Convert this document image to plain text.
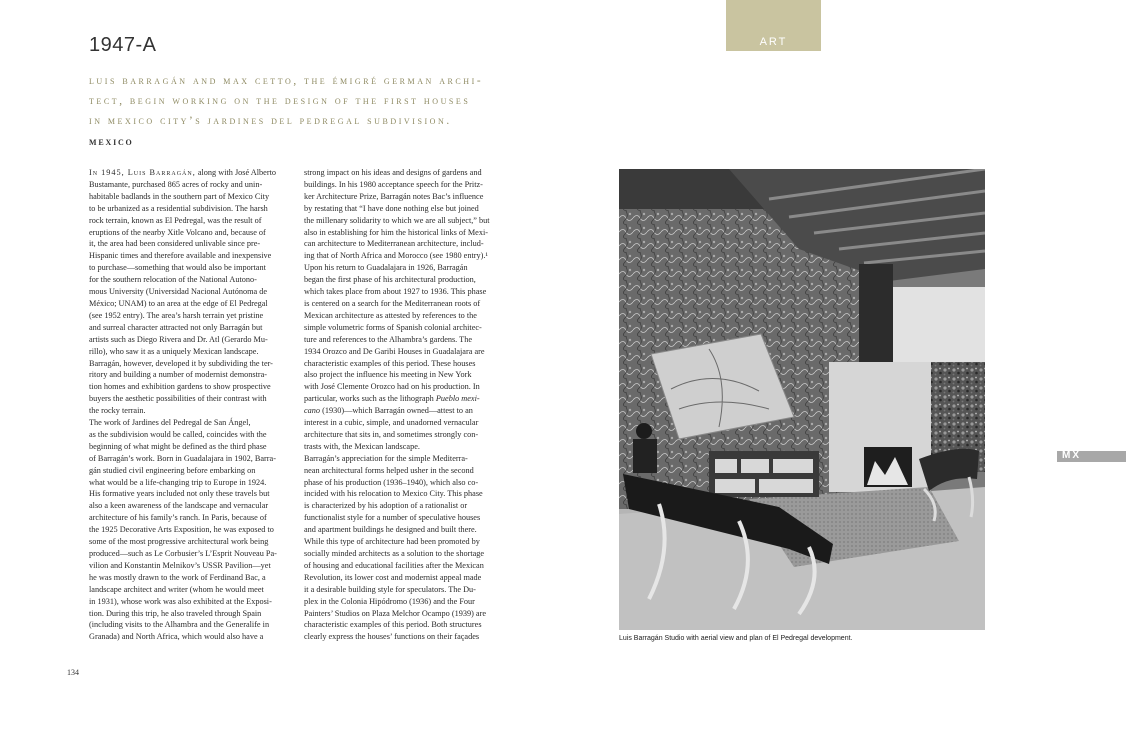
ART
MX
1947-A
luis barragán and max cetto, the émigré german archi-
tect, begin working on the design of the first houses
in mexico city’s jardines del pedregal subdivision.
MEXICO
In 1945, Luis Barragán, along with José Alberto
Bustamante, purchased 865 acres of rocky and unin-
habitable badlands in the southern part of Mexico City
to be urbanized as a residential subdivision. The harsh
rock terrain, known as El Pedregal, was the result of
eruptions of the nearby Xitle Volcano and, because of
it, the area had been considered unlivable since pre-
Hispanic times and therefore available and inexpensive
to purchase—something that would also be important
for the southern relocation of the National Autono-
mous University (Universidad Nacional Autónoma de
México; UNAM) to an area at the edge of El Pedregal
(see 1952 entry). The area’s harsh terrain yet pristine
and surreal character attracted not only Barragán but
artists such as Diego Rivera and Dr. Atl (Gerardo Mu-
rillo), who saw it as a uniquely Mexican landscape.
Barragán, however, developed it by subdividing the ter-
ritory and building a number of modernist demonstra-
tion homes and exhibition gardens to show prospective
buyers the aesthetic possibilities of their contrast with
the rocky terrain.
The work of Jardines del Pedregal de San Ángel,
as the subdivision would be called, coincides with the
beginning of what might be defined as the third phase
of Barragán’s work. Born in Guadalajara in 1902, Barra-
gán studied civil engineering before embarking on
what would be a life-changing trip to Europe in 1924.
His formative years included not only these travels but
also a keen awareness of the landscape and vernacular
architecture of his family’s ranch. In Paris, because of
the 1925 Decorative Arts Exposition, he was exposed to
some of the most progressive architectural work being
produced—such as Le Corbusier’s L’Esprit Nouveau Pa-
vilion and Konstantin Melnikov’s USSR Pavilion—yet
he was mostly drawn to the work of Ferdinand Bac, a
landscape architect and writer (whom he would meet
in 1931), whose work was also exhibited at the Exposi-
tion. During this trip, he also traveled through Spain
(including visits to the Alhambra and the Generalife in
Granada) and North Africa, which would also have a
strong impact on his ideas and designs of gardens and
buildings. In his 1980 acceptance speech for the Pritz-
ker Architecture Prize, Barragán notes Bac’s influence
by restating that “I have done nothing else but joined
the millenary solidarity to which we are all subject,” but
also in establishing for him the historical links of Mexi-
can architecture to Mediterranean architecture, includ-
ing that of North Africa and Morocco (see 1980 entry).¹
Upon his return to Guadalajara in 1926, Barragán
began the first phase of his architectural production,
which takes place from about 1927 to 1936. This phase
is centered on a search for the Mediterranean roots of
Mexican architecture as attested by references to the
simple volumetric forms of Spanish colonial architec-
ture and references to the Alhambra’s gardens. The
1934 Orozco and De Garibi Houses in Guadalajara are
characteristic examples of this period. These houses
also project the influence his meeting in New York
with José Clemente Orozco had on his production. In
particular, works such as the lithograph Pueblo mexi-
cano (1930)—which Barragán owned—attest to an
interest in a cubic, simple, and unadorned vernacular
architecture that sits in, and sometimes strongly con-
trasts with, the Mexican landscape.
Barragán’s appreciation for the simple Mediterra-
nean architectural forms helped usher in the second
phase of his production (1936–1940), which also co-
incided with his relocation to Mexico City. This phase
is characterized by his adoption of a rationalist or
functionalist style for a number of speculative houses
and apartment buildings he designed and built there.
While this type of architecture had been promoted by
socially minded architects as a solution to the shortage
of housing and educational facilities after the Mexican
Revolution, its lower cost and modernist appeal made
it a desirable building style for speculators. The Du-
plex in the Colonia Hipódromo (1936) and the Four
Painters’ Studios on Plaza Melchor Ocampo (1939) are
characteristic examples of this period. Both structures
clearly express the houses’ functions on their façades	Luis Barragán Studio with aerial view and plan of El Pedregal development.
134
